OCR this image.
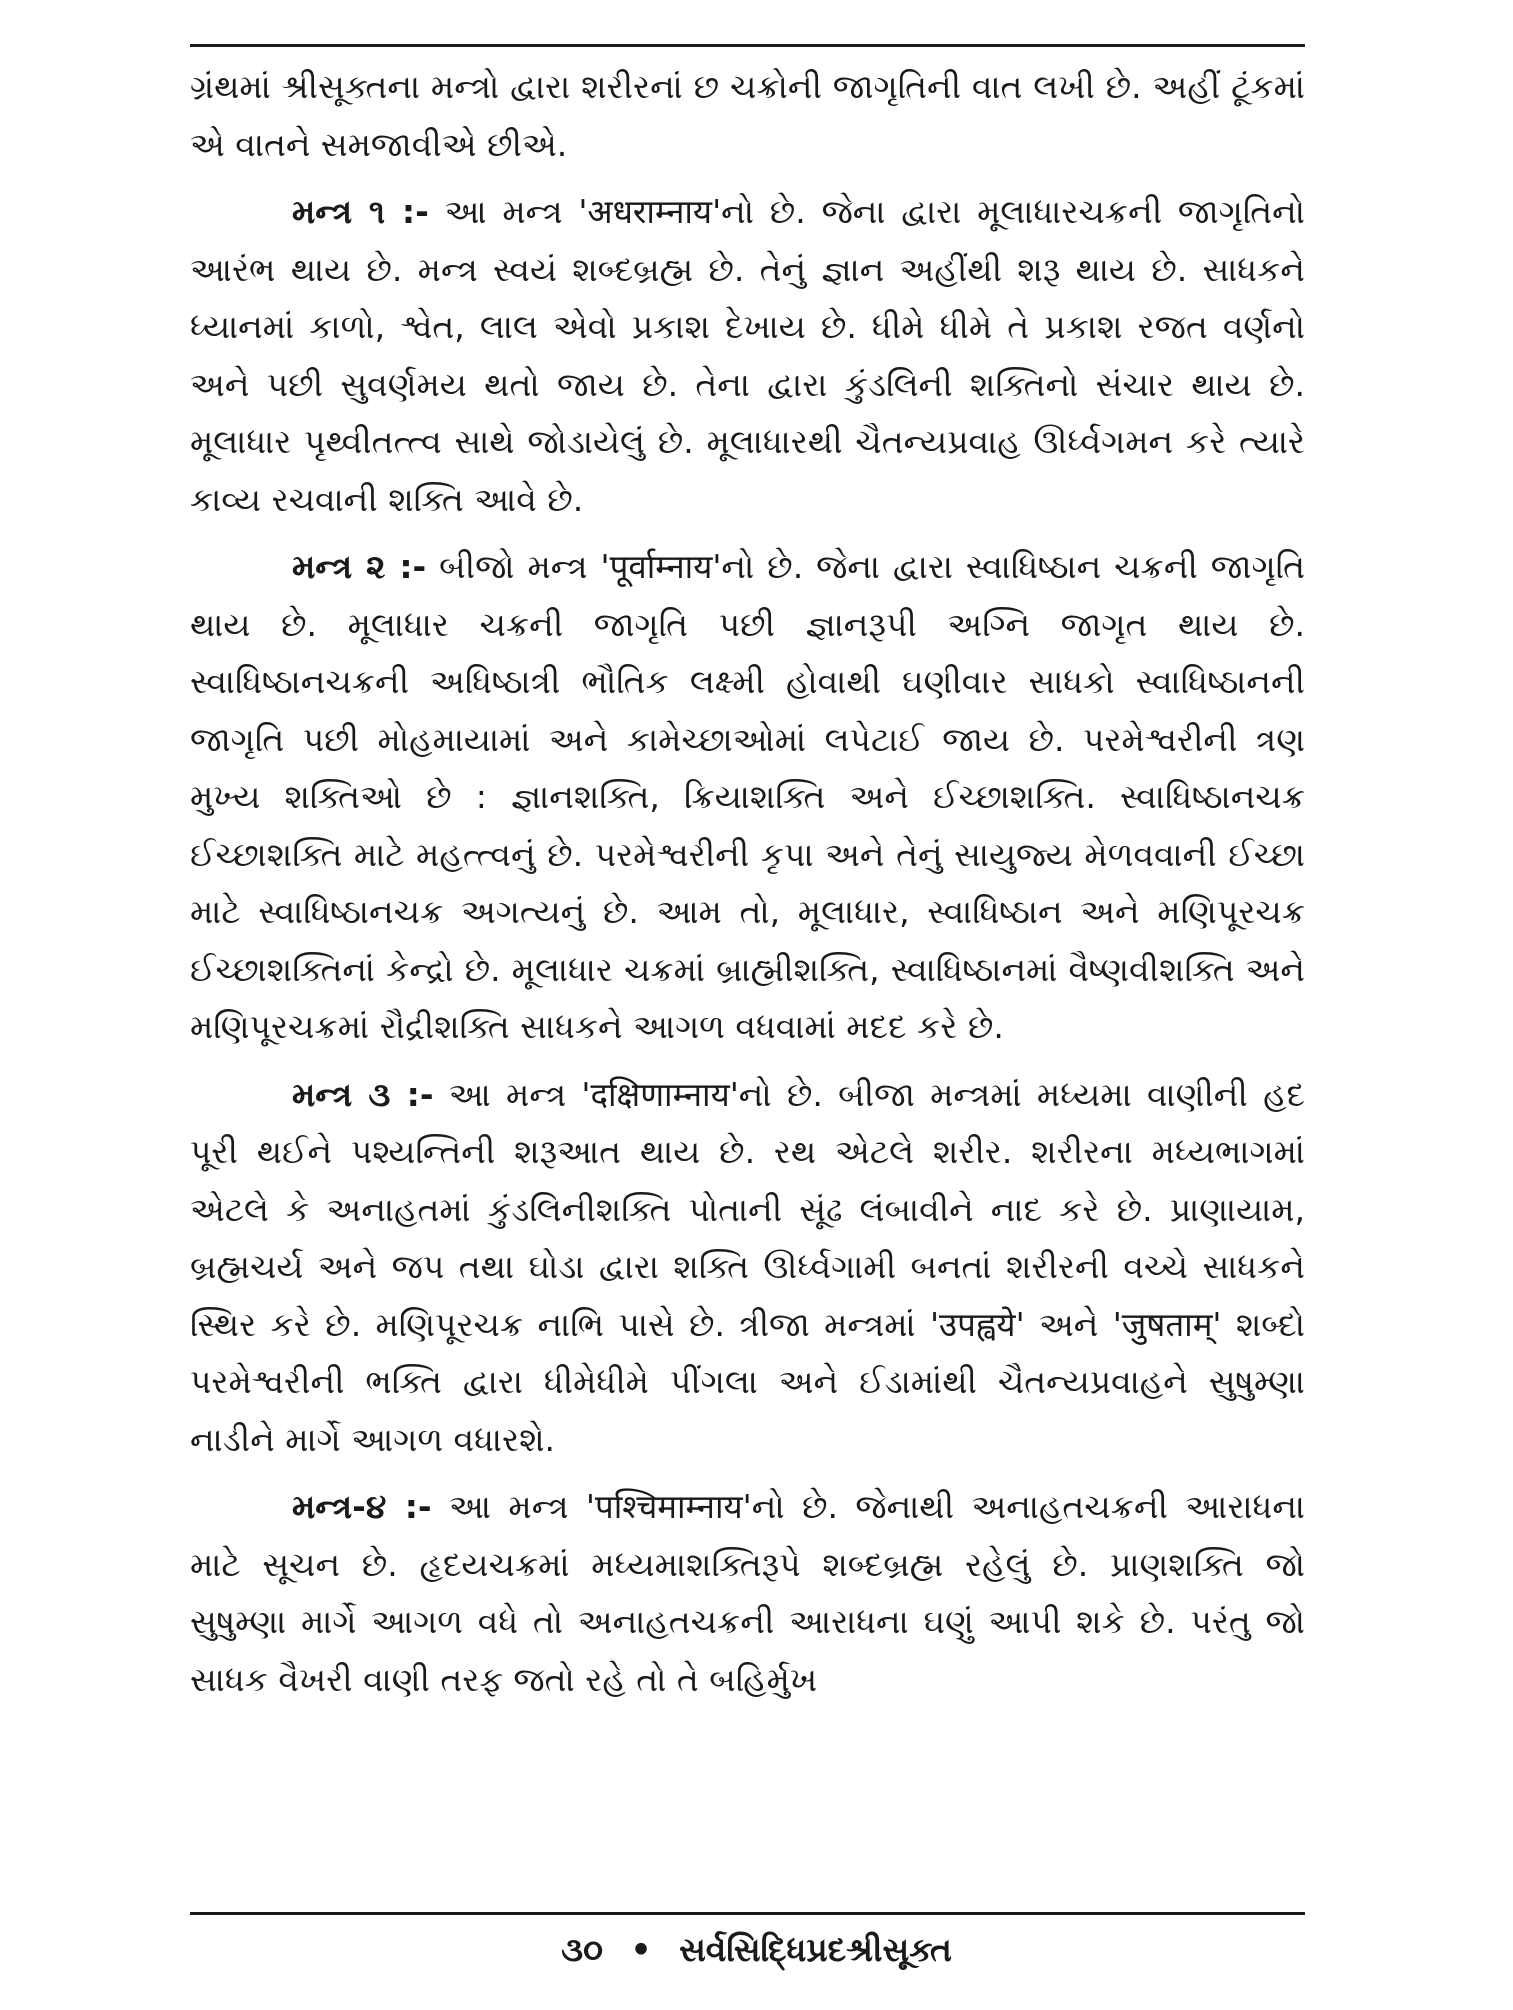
ગ્રંથમાં શ્રીસૂક્તના મન્ત્રો દ્વારા શરીરનાં છ ચક્રોની જાગૃતિની વાત લખી છે. અહીં ટૂંકમાં એ વાતને સમજાવીએ છીએ.

મન્ત્ર ૧ :- આ મન્ત્ર 'अधराम्नाय'નો છે. જેના દ્વારા મૂલાધારચક્રની જાગૃતિનો આરંભ થાય છે. મન્ત્ર સ્વયં શબ્દબ્રહ્મ છે. તેનું જ્ઞાન અહીંથી શરૂ થાય છે. સાધકને ધ્યાનમાં કાળો, શ્વેત, લાલ એવો પ્રકાશ દેખાય છે. ધીમે ધીમે તે પ્રકાશ રજત વર્ણનો અને પછી સુવર્ણમય થતો જાય છે. તેના દ્વારા કુંડલિની શક્તિનો સંચાર થાય છે. મૂલાધાર પૃથ્વીતત્ત્વ સાથે જોડાયેલું છે. મૂલાધારથી ચૈતન્યપ્રવાહ ઊર્ધ્વગમન કરે ત્યારે કાવ્ય રચવાની શક્તિ આવે છે.

મન્ત્ર ૨ :- બીજો મન્ત્ર 'पूर्वाम्नाय'નો છે. જેના દ્વારા સ્વાધિષ્ઠાન ચક્રની જાગૃતિ થાય છે. મૂલાધાર ચક્રની જાગૃતિ પછી જ્ઞાનરૂપી અગ્નિ જાગૃત થાય છે. સ્વાધિષ્ઠાનચક્રની અધિષ્ઠાત્રી ભૌતિક લક્ષ્મી હોવાથી ઘણીવાર સાધકો સ્વાધિષ્ઠાનની જાગૃતિ પછી મોહમાયામાં અને કામેચ્છાઓમાં લપેટાઈ જાય છે. પરમેશ્વરીની ત્રણ મુખ્ય શક્તિઓ છે : જ્ઞાનશક્તિ, ક્રિયાશક્તિ અને ઈચ્છાશક્તિ. સ્વાધિષ્ઠાનચક્ર ઈચ્છાશક્તિ માટે મહત્ત્વનું છે. પરમેશ્વરીની કૃપા અને તેનું સાયુજ્ય મેળવવાની ઈચ્છા માટે સ્વાધિષ્ઠાનચક્ર અગત્યનું છે. આમ તો, મૂલાધાર, સ્વાધિષ્ઠાન અને મણિપૂરચક્ર ઈચ્છાશક્તિનાં કેન્દ્રો છે. મૂલાધાર ચક્રમાં બ્રાહ્મીશક્તિ, સ્વાધિષ્ઠાનમાં વૈષ્ણવીશક્તિ અને મણિપૂરચક્રમાં રૌદ્રીશક્તિ સાધકને આગળ વધવામાં મદદ કરે છે.

મન્ત્ર ૩ :- આ મન્ત્ર 'दक्षिणाम्नाय'નો છે. બીજા મન્ત્રમાં મધ્યમા વાણીની હદ પૂરી થઈને પશ્યન્તિની શરૂઆત થાય છે. રથ એટલે શરીર. શરીરના મધ્યભાગમાં એટલે કે અનાહતમાં કુંડલિનીશક્તિ પોતાની સૂંઢ લંબાવીને નાદ કરે છે. પ્રાણાયામ, બ્રહ્મચર્ય અને જપ તથા ઘોડા દ્વારા શક્તિ ઊર્ધ્વગામી બનતાં શરીરની વચ્ચે સાધકને સ્થિર કરે છે. મણિપૂરચક્ર નાભિ પાસે છે. ત્રીજા મન્ત્રમાં 'उपह्वये' અને 'जुषताम्' શબ્દો પરમેશ્વરીની ભક્તિ દ્વારા ધીમેધીમે પીંગલા અને ઈડામાંથી ચૈતન્યપ્રવાહને સુષુમ્ણા નાડીને માર્ગે આગળ વધારશે.

મન્ત્ર-૪ :- આ મન્ત્ર 'पश्चिमाम्नाय'નો છે. જેનાથી અનાહતચક્રની આરાધના માટે સૂચન છે. હૃદયચક્રમાં મધ્યમાશક્તિરૂપે શબ્દબ્રહ્મ રહેલું છે. પ્રાણશક્તિ જો સુષુમ્ણા માર્ગે આગળ વધે તો અનાહતચક્રની આરાધના ઘણું આપી શકે છે. પરંતુ જો સાધક વૈખરી વાણી તરફ જતો રહે તો તે બહિર્મુખ

૩૦ • સર્વસિદ્ધિપ્રદશ્રીસૂક્ત
